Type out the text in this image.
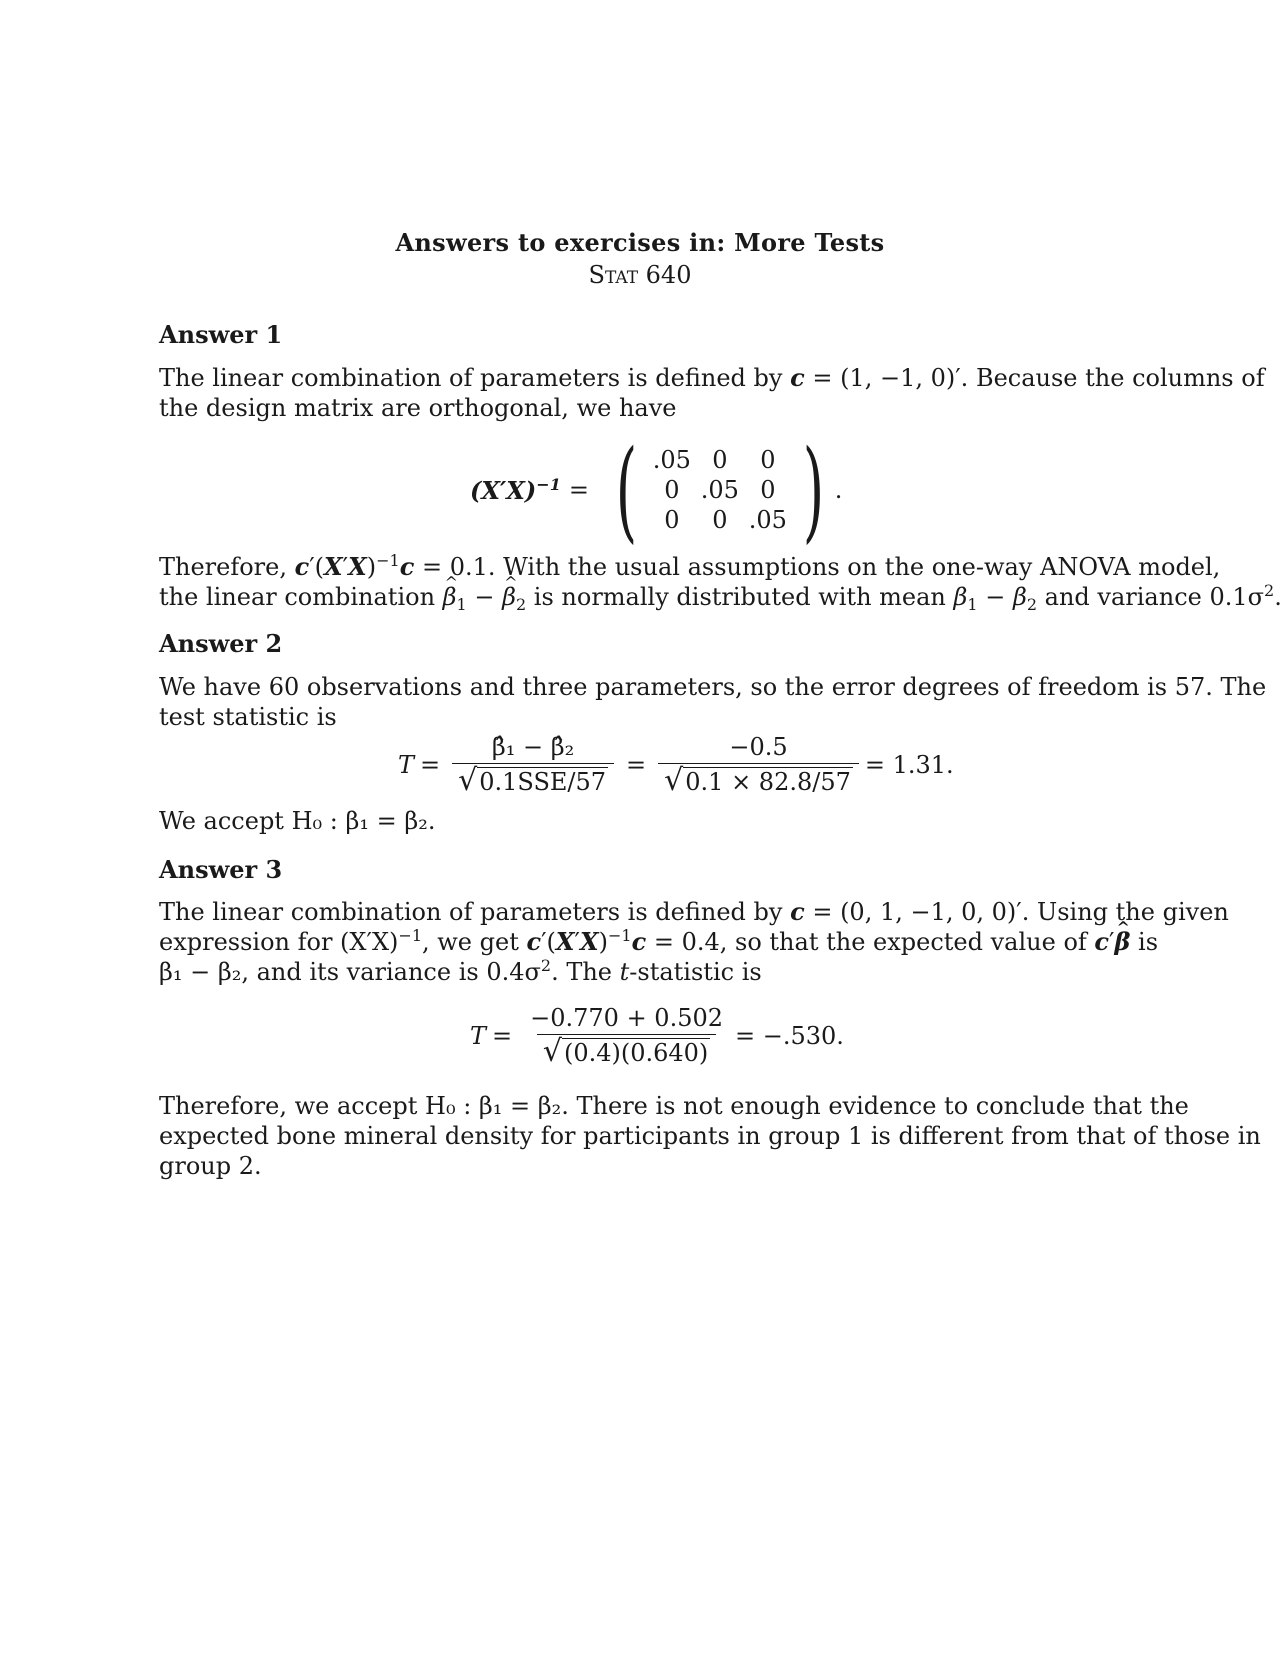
Answers to exercises in: More Tests
Stat 640
Answer 1
The linear combination of parameters is defined by c = (1, −1, 0)′. Because the columns of
the design matrix are orthogonal, we have
$(X'X)^{-1}$ = ( .05 0	0
0 .05 0
0	0 .05 ) .
Therefore, $c'(X'X)^{-1}c = 0.1$. With the usual assumptions on the one-way ANOVA model,
the linear combination ^ $\beta_1$ − ^ $\beta_2$ is normally distributed with mean $\beta_1 - \beta_2$ and variance $0.1\sigma^2$.
Answer 2
We have 60 observations and three parameters, so the error degrees of freedom is 57. The
test statistic is
$T = \frac{\text{β̂₁ − β̂₂}}{\text{√ 0.1SSE/57}} = \frac{-0.5}{√ 0.1 \times 82.8/57} = 1.31$.
We accept H₀ : β₁ = β₂.
Answer 3
The linear combination of parameters is defined by c = (0, 1, −1, 0, 0)′. Using the given
expression for $(X'X)^{-1}$, we get $c'(X'X)^{-1}c = 0.4$, so that the expected value of c′^ β is
β₁ − β₂, and its variance is $0.4\sigma^2$. The t-statistic is
$T = \frac{-0.770 + 0.502}{√ (0.4)(0.640)} = -.530$.
Therefore, we accept H₀ : β₁ = β₂. There is not enough evidence to conclude that the
expected bone mineral density for participants in group 1 is different from that of those in
group 2.
